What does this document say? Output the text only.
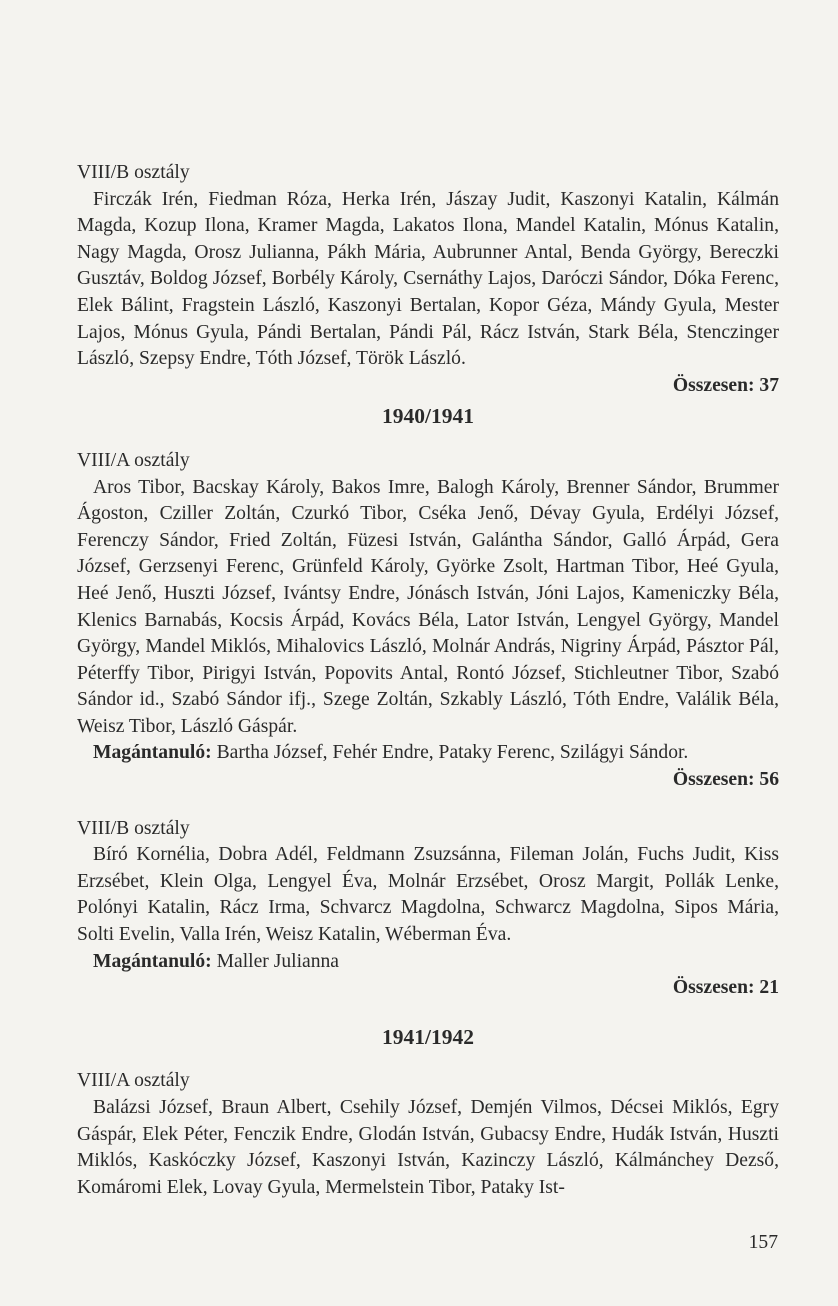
VIII/B osztály

Firczák Irén, Fiedman Róza, Herka Irén, Jászay Judit, Kaszonyi Katalin, Kálmán Magda, Kozup Ilona, Kramer Magda, Lakatos Ilona, Mandel Katalin, Mónus Katalin, Nagy Magda, Orosz Julianna, Pákh Mária, Aubrunner Antal, Benda György, Bereczki Gusztáv, Boldog József, Borbély Károly, Csernáthy Lajos, Daróczi Sándor, Dóka Ferenc, Elek Bálint, Fragstein László, Kaszonyi Bertalan, Kopor Géza, Mándy Gyula, Mester Lajos, Mónus Gyula, Pándi Bertalan, Pándi Pál, Rácz István, Stark Béla, Stenczinger László, Szepsy Endre, Tóth József, Török László.

Összesen: 37

1940/1941

VIII/A osztály

Aros Tibor, Bacskay Károly, Bakos Imre, Balogh Károly, Brenner Sándor, Brummer Ágoston, Cziller Zoltán, Czurkó Tibor, Cséka Jenő, Dévay Gyula, Erdélyi József, Ferenczy Sándor, Fried Zoltán, Füzesi István, Galántha Sándor, Galló Árpád, Gera József, Gerzsenyi Ferenc, Grünfeld Károly, Györke Zsolt, Hartman Tibor, Heé Gyula, Heé Jenő, Huszti József, Ivántsy Endre, Jónásch István, Jóni Lajos, Kameniczky Béla, Klenics Barnabás, Kocsis Árpád, Kovács Béla, Lator István, Lengyel György, Mandel György, Mandel Miklós, Mihalovics László, Molnár András, Nigriny Árpád, Pásztor Pál, Péterffy Tibor, Pirigyi István, Popovits Antal, Rontó József, Stichleutner Tibor, Szabó Sándor id., Szabó Sándor ifj., Szege Zoltán, Szkably László, Tóth Endre, Valálik Béla, Weisz Tibor, László Gáspár.

Magántanuló: Bartha József, Fehér Endre, Pataky Ferenc, Szilágyi Sándor.

Összesen: 56

VIII/B osztály

Bíró Kornélia, Dobra Adél, Feldmann Zsuzsánna, Fileman Jolán, Fuchs Judit, Kiss Erzsébet, Klein Olga, Lengyel Éva, Molnár Erzsébet, Orosz Margit, Pollák Lenke, Polónyi Katalin, Rácz Irma, Schvarcz Magdolna, Schwarcz Magdolna, Sipos Mária, Solti Evelin, Valla Irén, Weisz Katalin, Wéberman Éva.

Magántanuló: Maller Julianna

Összesen: 21

1941/1942

VIII/A osztály

Balázsi József, Braun Albert, Csehily József, Demjén Vilmos, Décsei Miklós, Egry Gáspár, Elek Péter, Fenczik Endre, Glodán István, Gubacsy Endre, Hudák István, Huszti Miklós, Kaskóczky József, Kaszonyi István, Kazinczy László, Kálmánchey Dezső, Komáromi Elek, Lovay Gyula, Mermelstein Tibor, Pataky Ist-

157
